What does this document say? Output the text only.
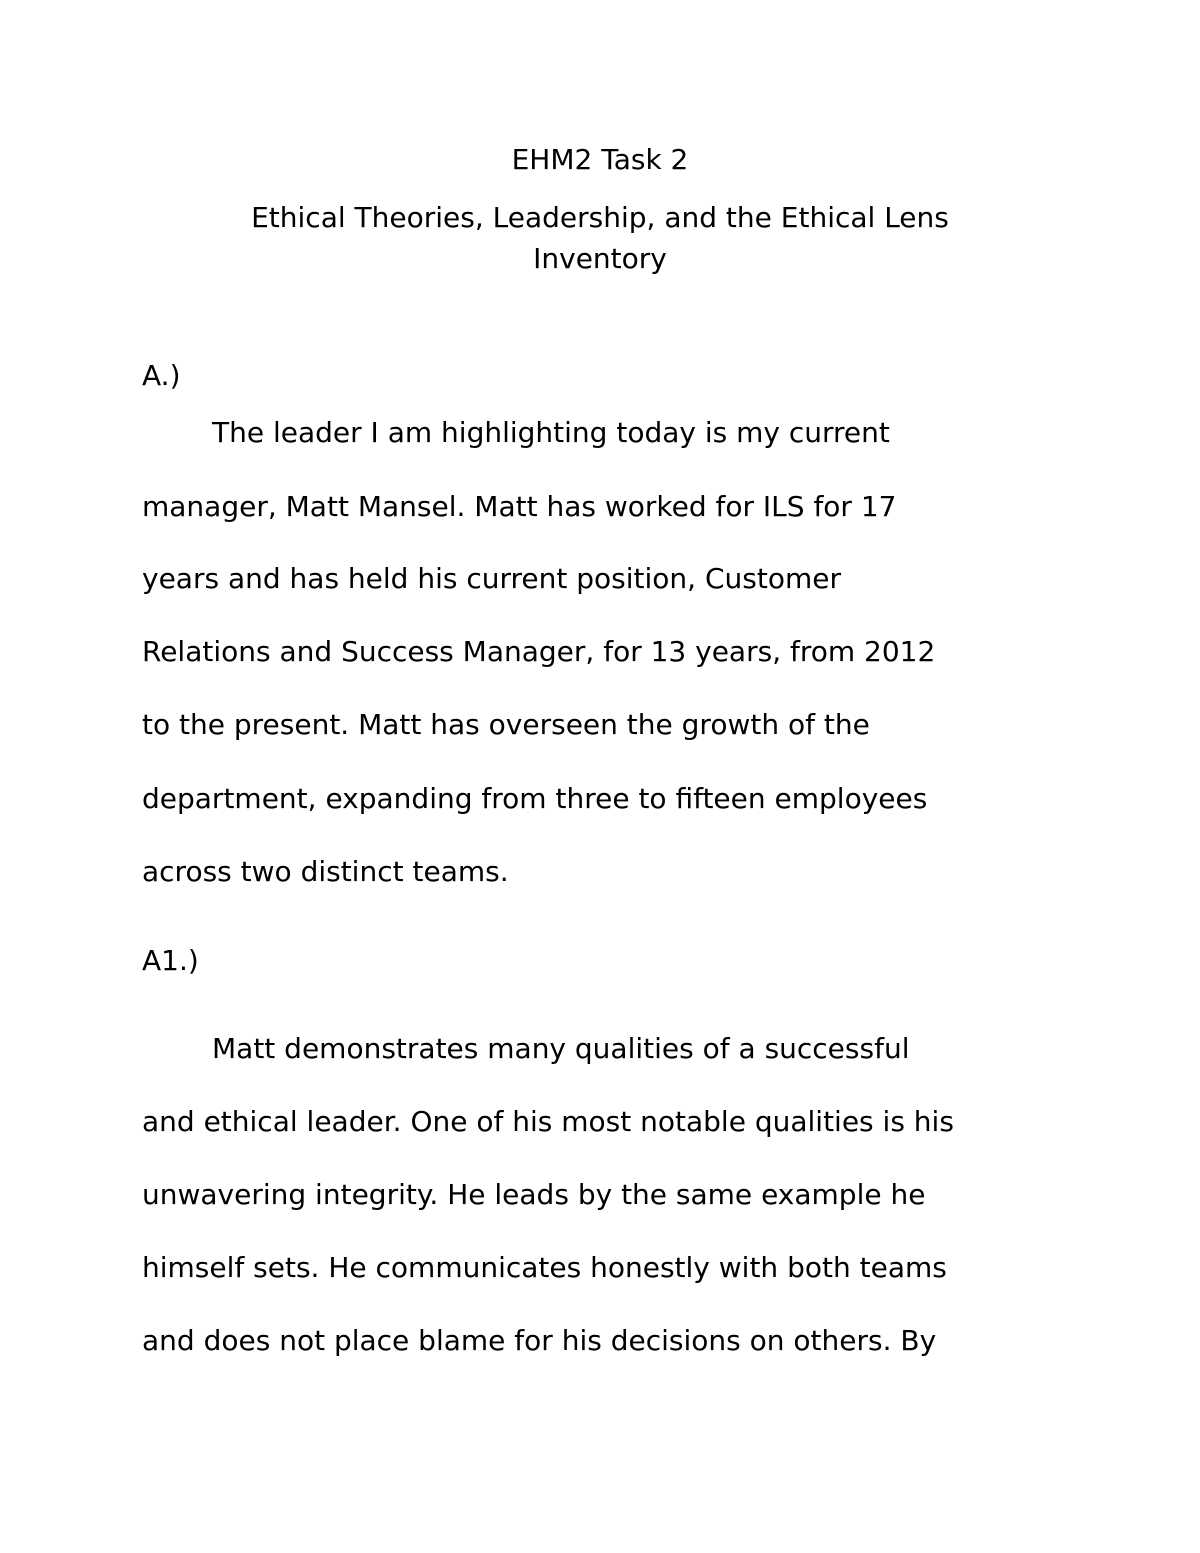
EHM2 Task 2
Ethical Theories, Leadership, and the Ethical Lens
Inventory
A.)
The leader I am highlighting today is my current
manager, Matt Mansel. Matt has worked for ILS for 17
years and has held his current position, Customer
Relations and Success Manager, for 13 years, from 2012
to the present. Matt has overseen the growth of the
department, expanding from three to fifteen employees
across two distinct teams.
A1.)
Matt demonstrates many qualities of a successful
and ethical leader. One of his most notable qualities is his
unwavering integrity. He leads by the same example he
himself sets. He communicates honestly with both teams
and does not place blame for his decisions on others. By
